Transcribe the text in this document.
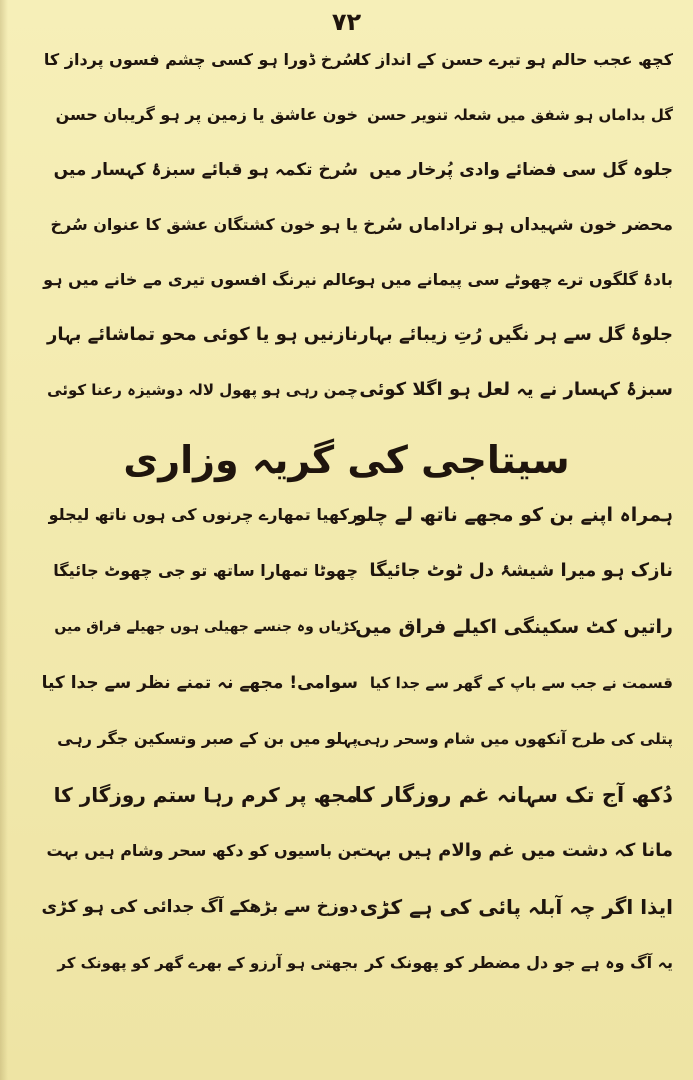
۷۲
کچھ عجب حالم ہو تیرے حسن کے انداز کا
گل بداماں ہو شفق میں شعلہ تنویر حسن
جلوہ گل سی فضائے وادی پُرخار میں
محضر خون شہیداں ہو تراداماں سُرخ
بادۂ گلگوں ترے چھوٹے سی پیمانے میں ہو
جلوۂ گل سے ہر نگیں رُتِ زیبائے بہار
سبزۂ کہسار نے یہ لعل ہو اگلا کوئی
سُرخ ڈورا ہو کسی چشم فسوں پرداز کا
خون عاشق یا زمین پر ہو گریبان حسن
سُرخ تکمہ ہو قبائے سبزۂ کہسار میں
یا ہو خون کشتگان عشق کا عنوان سُرخ
عالم نیرنگ افسوں تیری مے خانے میں ہو
نازنیں ہو یا کوئی محو تماشائے بہار
چمن رہی ہو پھول لالہ دوشیزہ رعنا کوئی
سیتاجی کی گریہ وزاری
ہمراہ اپنے بن کو مجھے ناتھ لے چلو
نازک ہو میرا شیشۂ دل ٹوٹ جائیگا
راتیں کٹ سکینگی اکیلے فراق میں
قسمت نے جب سے باپ کے گھر سے جدا کیا
پتلی کی طرح آنکھوں میں شام وسحر رہی
دُکھ آج تک سہانہ غم روزگار کا
مانا کہ دشت میں غم والام ہیں بہت
ایذا اگر چہ آبلہ پائی کی ہے کڑی
یہ آگ وہ ہے جو دل مضطر کو پھونک کر
رکھیا تمھارے چرنوں کی ہوں ناتھ لیجلو
چھوٹا تمھارا ساتھ تو جی چھوٹ جائیگا
کڑیاں وہ جنسے جھیلی ہوں جھیلے فراق میں
سوامی! مجھے نہ تمنے نظر سے جدا کیا
پہلو میں بن کے صبر وتسکین جگر رہی
مجھ پر کرم رہا ستم روزگار کا
بن باسیوں کو دکھ سحر وشام ہیں بہت
دوزخ سے بڑھکے آگ جدائی کی ہو کڑی
بجھتی ہو آرزو کے بھرے گھر کو پھونک کر
